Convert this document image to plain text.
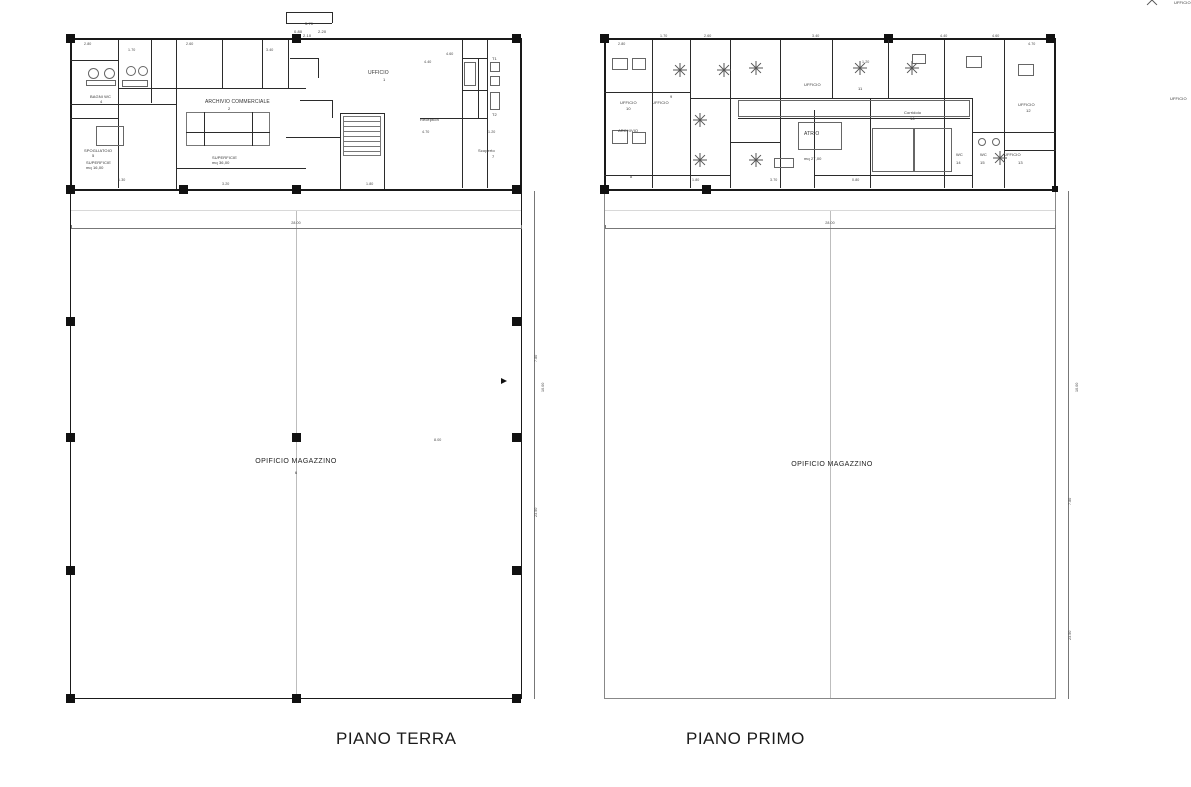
3.70
0.80	2.20
2.10
BAGNI WC
4
SPOGLIATOIO
5
SUPERFICIE
mq 16,00
ARCHIVIO COMMERCIALE
2
SUPERFICIE
mq 36,00
UFFICIO
1
Reception
Scoperto
7
T1
T2
28.00
10.00
7.80
23.50
2.80
1.70
2.60
3.40
4.40
4.60
4.70	1.20
1.80
1.30
3.20
8.00
OPIFICIO MAGAZZINO
6
PIANO TERRA
UFFICIO
UFFICIO
UFFICIO
10
ARCHIVIO
8
UFFICIO
9
ATRIO
Corridoio
16
UFFICIO
11
UFFICIO
12
UFFICIO
13
WC
14
WC
15
mq 27,00
28.00
10.00
7.80
23.50
2.80
1.70	2.60	3.40	4.40	4.60
4.70
1.20
1.80	3.70	0.80
OPIFICIO MAGAZZINO
PIANO PRIMO
